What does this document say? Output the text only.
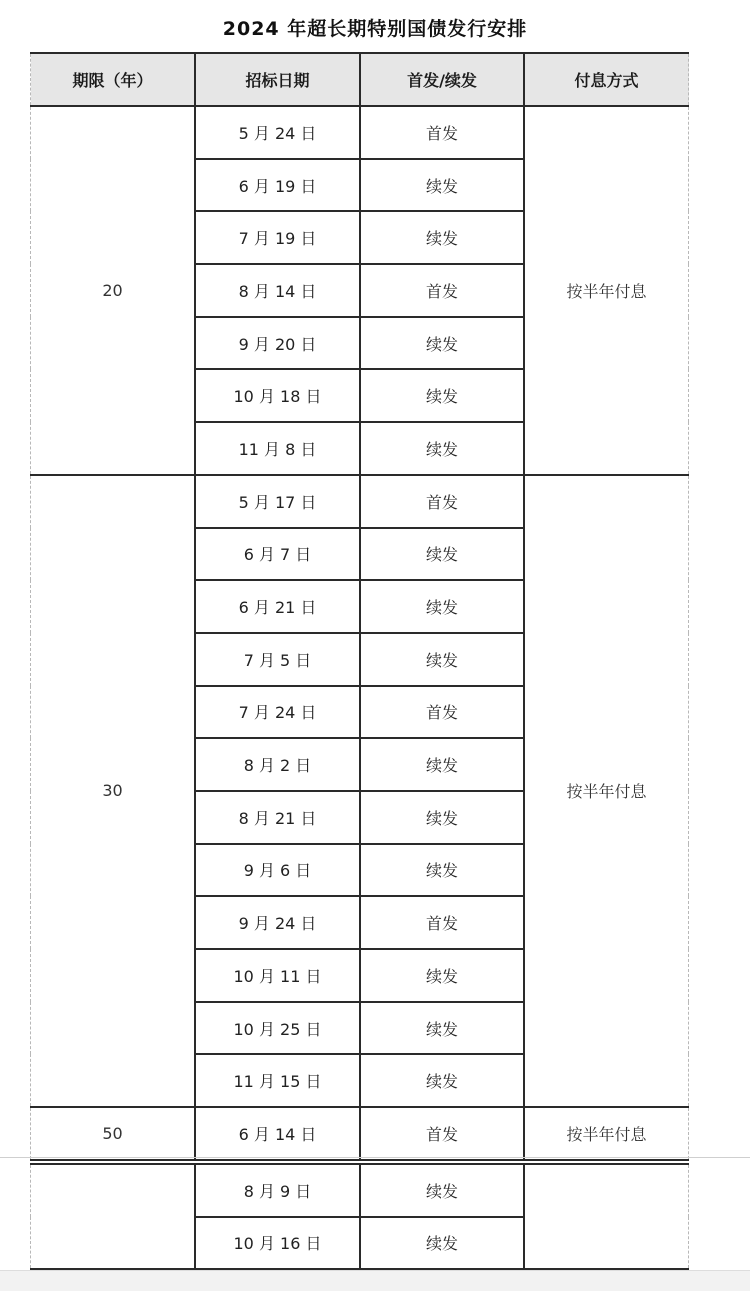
2024 年超长期特别国债发行安排
期限（年）	招标日期	首发/续发	付息方式
20	5 月 24 日	首发	按半年付息
	6 月 19 日	续发	
	7 月 19 日	续发	
	8 月 14 日	首发	
	9 月 20 日	续发	
	10 月 18 日	续发	
	11 月 8 日	续发	
30	5 月 17 日	首发	按半年付息
	6 月 7 日	续发	
	6 月 21 日	续发	
	7 月 5 日	续发	
	7 月 24 日	首发	
	8 月 2 日	续发	
	8 月 21 日	续发	
	9 月 6 日	续发	
	9 月 24 日	首发	
	10 月 11 日	续发	
	10 月 25 日	续发	
	11 月 15 日	续发	
50	6 月 14 日	首发	按半年付息
	8 月 9 日	续发	
	10 月 16 日	续发	
